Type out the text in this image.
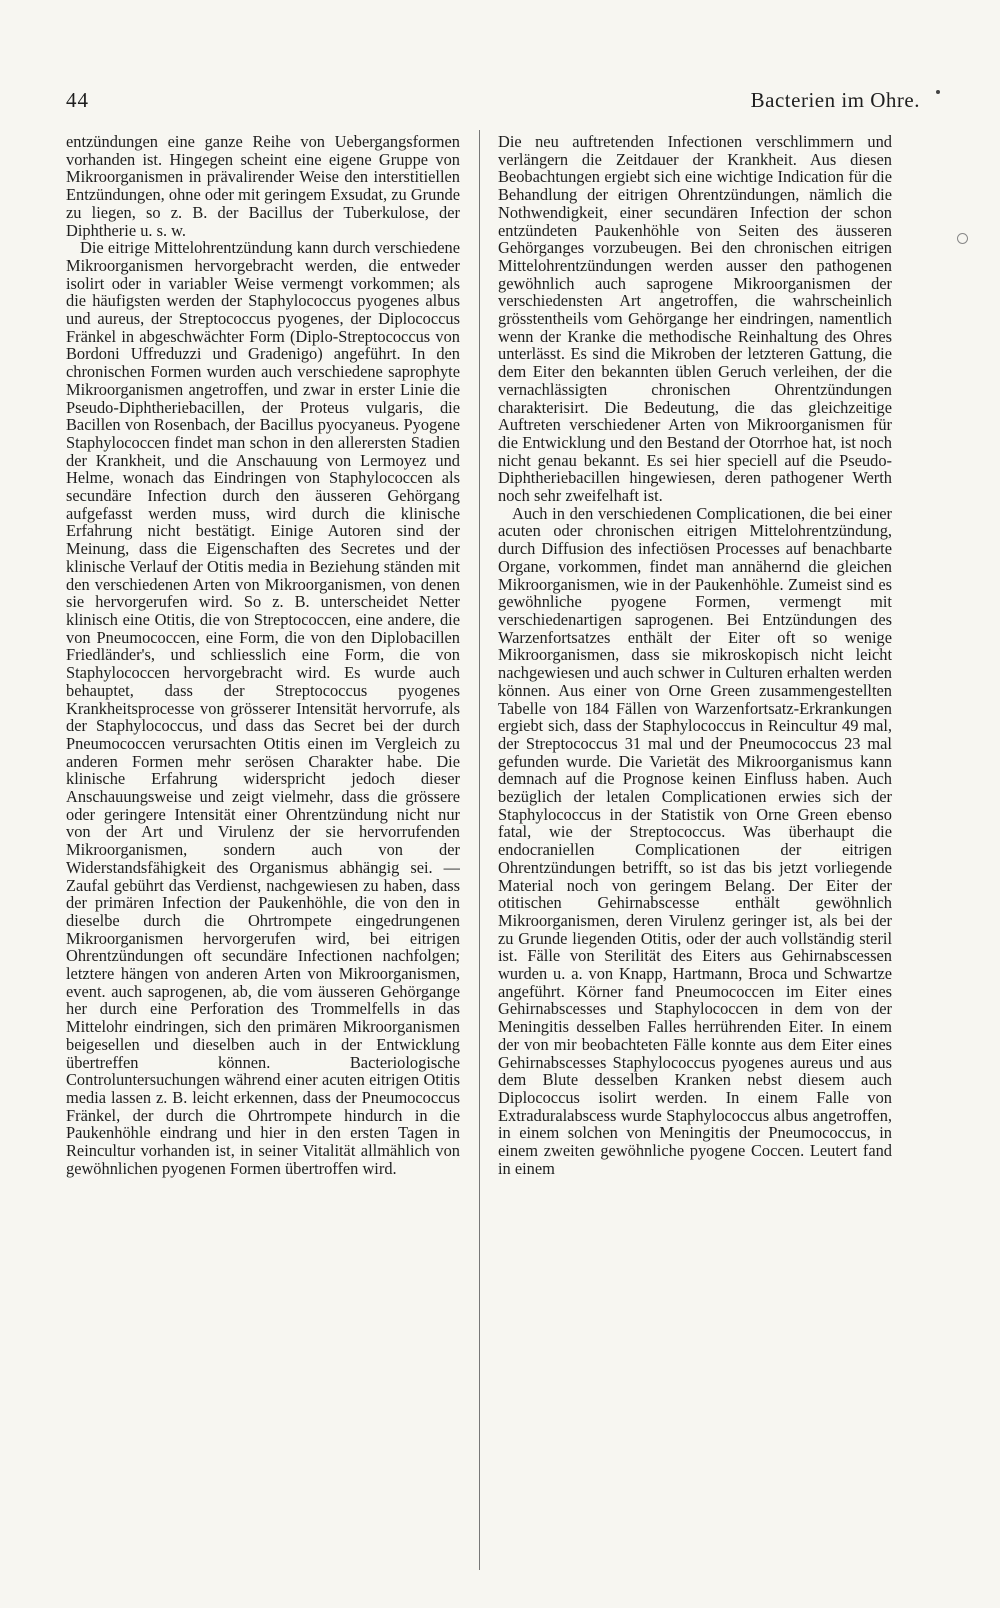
44	Bacterien im Ohre.

entzündungen eine ganze Reihe von Uebergangsformen vorhanden ist. Hingegen scheint eine eigene Gruppe von Mikroorganismen in prävalirender Weise den interstitiellen Entzündungen, ohne oder mit geringem Exsudat, zu Grunde zu liegen, so z. B. der Bacillus der Tuberkulose, der Diphtherie u. s. w.

Die eitrige Mittelohrentzündung kann durch verschiedene Mikroorganismen hervorgebracht werden, die entweder isolirt oder in variabler Weise vermengt vorkommen; als die häufigsten werden der Staphylococcus pyogenes albus und aureus, der Streptococcus pyogenes, der Diplococcus Fränkel in abgeschwächter Form (Diplo-Streptococcus von Bordoni Uffreduzzi und Gradenigo) angeführt. In den chronischen Formen wurden auch verschiedene saprophyte Mikroorganismen angetroffen, und zwar in erster Linie die Pseudo-Diphtheriebacillen, der Proteus vulgaris, die Bacillen von Rosenbach, der Bacillus pyocyaneus. Pyogene Staphylococcen findet man schon in den allerersten Stadien der Krankheit, und die Anschauung von Lermoyez und Helme, wonach das Eindringen von Staphylococcen als secundäre Infection durch den äusseren Gehörgang aufgefasst werden muss, wird durch die klinische Erfahrung nicht bestätigt. Einige Autoren sind der Meinung, dass die Eigenschaften des Secretes und der klinische Verlauf der Otitis media in Beziehung ständen mit den verschiedenen Arten von Mikroorganismen, von denen sie hervorgerufen wird. So z. B. unterscheidet Netter klinisch eine Otitis, die von Streptococcen, eine andere, die von Pneumococcen, eine Form, die von den Diplobacillen Friedländer's, und schliesslich eine Form, die von Staphylococcen hervorgebracht wird. Es wurde auch behauptet, dass der Streptococcus pyogenes Krankheitsprocesse von grösserer Intensität hervorrufe, als der Staphylococcus, und dass das Secret bei der durch Pneumococcen verursachten Otitis einen im Vergleich zu anderen Formen mehr serösen Charakter habe. Die klinische Erfahrung widerspricht jedoch dieser Anschauungsweise und zeigt vielmehr, dass die grössere oder geringere Intensität einer Ohrentzündung nicht nur von der Art und Virulenz der sie hervorrufenden Mikroorganismen, sondern auch von der Widerstandsfähigkeit des Organismus abhängig sei. — Zaufal gebührt das Verdienst, nachgewiesen zu haben, dass der primären Infection der Paukenhöhle, die von den in dieselbe durch die Ohrtrompete eingedrungenen Mikroorganismen hervorgerufen wird, bei eitrigen Ohrentzündungen oft secundäre Infectionen nachfolgen; letztere hängen von anderen Arten von Mikroorganismen, event. auch saprogenen, ab, die vom äusseren Gehörgange her durch eine Perforation des Trommelfells in das Mittelohr eindringen, sich den primären Mikroorganismen beigesellen und dieselben auch in der Entwicklung übertreffen können. Bacteriologische Controluntersuchungen während einer acuten eitrigen Otitis media lassen z. B. leicht erkennen, dass der Pneumococcus Fränkel, der durch die Ohrtrompete hindurch in die Paukenhöhle eindrang und hier in den ersten Tagen in Reincultur vorhanden ist, in seiner Vitalität allmählich von gewöhnlichen pyogenen Formen übertroffen wird.

Die neu auftretenden Infectionen verschlimmern und verlängern die Zeitdauer der Krankheit. Aus diesen Beobachtungen ergiebt sich eine wichtige Indication für die Behandlung der eitrigen Ohrentzündungen, nämlich die Nothwendigkeit, einer secundären Infection der schon entzündeten Paukenhöhle von Seiten des äusseren Gehörganges vorzubeugen. Bei den chronischen eitrigen Mittelohrentzündungen werden ausser den pathogenen gewöhnlich auch saprogene Mikroorganismen der verschiedensten Art angetroffen, die wahrscheinlich grösstentheils vom Gehörgange her eindringen, namentlich wenn der Kranke die methodische Reinhaltung des Ohres unterlässt. Es sind die Mikroben der letzteren Gattung, die dem Eiter den bekannten üblen Geruch verleihen, der die vernachlässigten chronischen Ohrentzündungen charakterisirt. Die Bedeutung, die das gleichzeitige Auftreten verschiedener Arten von Mikroorganismen für die Entwicklung und den Bestand der Otorrhoe hat, ist noch nicht genau bekannt. Es sei hier speciell auf die Pseudo-Diphtheriebacillen hingewiesen, deren pathogener Werth noch sehr zweifelhaft ist.

Auch in den verschiedenen Complicationen, die bei einer acuten oder chronischen eitrigen Mittelohrentzündung, durch Diffusion des infectiösen Processes auf benachbarte Organe, vorkommen, findet man annähernd die gleichen Mikroorganismen, wie in der Paukenhöhle. Zumeist sind es gewöhnliche pyogene Formen, vermengt mit verschiedenartigen saprogenen. Bei Entzündungen des Warzenfortsatzes enthält der Eiter oft so wenige Mikroorganismen, dass sie mikroskopisch nicht leicht nachgewiesen und auch schwer in Culturen erhalten werden können. Aus einer von Orne Green zusammengestellten Tabelle von 184 Fällen von Warzenfortsatz-Erkrankungen ergiebt sich, dass der Staphylococcus in Reincultur 49 mal, der Streptococcus 31 mal und der Pneumococcus 23 mal gefunden wurde. Die Varietät des Mikroorganismus kann demnach auf die Prognose keinen Einfluss haben. Auch bezüglich der letalen Complicationen erwies sich der Staphylococcus in der Statistik von Orne Green ebenso fatal, wie der Streptococcus. Was überhaupt die endocraniellen Complicationen der eitrigen Ohrentzündungen betrifft, so ist das bis jetzt vorliegende Material noch von geringem Belang. Der Eiter der otitischen Gehirnabscesse enthält gewöhnlich Mikroorganismen, deren Virulenz geringer ist, als bei der zu Grunde liegenden Otitis, oder der auch vollständig steril ist. Fälle von Sterilität des Eiters aus Gehirnabscessen wurden u. a. von Knapp, Hartmann, Broca und Schwartze angeführt. Körner fand Pneumococcen im Eiter eines Gehirnabscesses und Staphylococcen in dem von der Meningitis desselben Falles herrührenden Eiter. In einem der von mir beobachteten Fälle konnte aus dem Eiter eines Gehirnabscesses Staphylococcus pyogenes aureus und aus dem Blute desselben Kranken nebst diesem auch Diplococcus isolirt werden. In einem Falle von Extraduralabscess wurde Staphylococcus albus angetroffen, in einem solchen von Meningitis der Pneumococcus, in einem zweiten gewöhnliche pyogene Coccen. Leutert fand in einem
